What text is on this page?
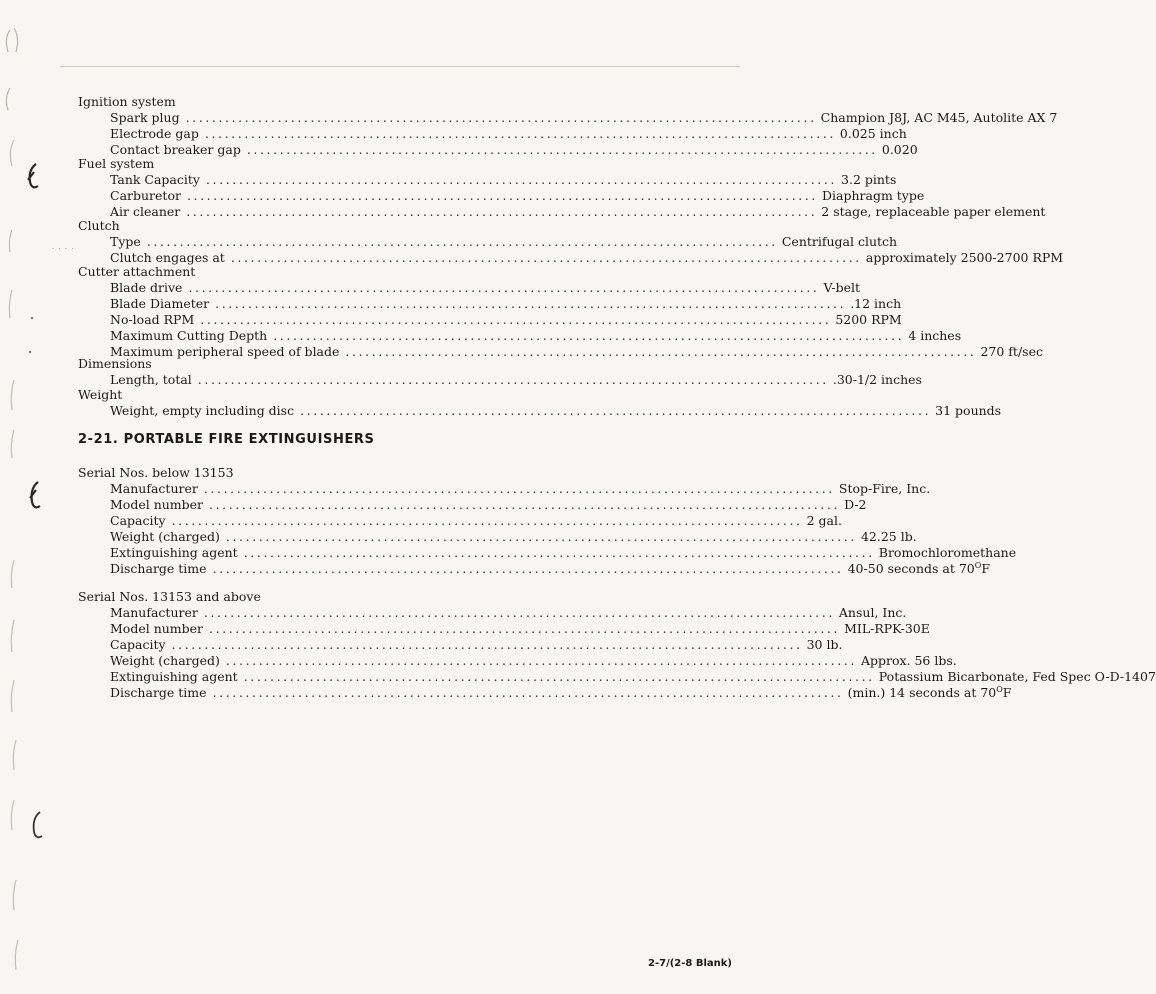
Ignition system
Spark plug ................................................................................................ Champion J8J, AC M45, Autolite AX 7
Electrode gap ................................................................................................ 0.025 inch
Contact breaker gap ................................................................................................ 0.020
Fuel system
Tank Capacity ................................................................................................ 3.2 pints
Carburetor ................................................................................................ Diaphragm type
Air cleaner ................................................................................................ 2 stage, replaceable paper element
Clutch
Type ................................................................................................ Centrifugal clutch
· · · ·
Clutch engages at ................................................................................................ approximately 2500-2700 RPM
Cutter attachment
Blade drive ................................................................................................ V-belt
Blade Diameter ................................................................................................ .12 inch
No-load RPM ................................................................................................ 5200 RPM
Maximum Cutting Depth ................................................................................................ 4 inches
Maximum peripheral speed of blade ................................................................................................ 270 ft/sec
Dimensions
Length, total ................................................................................................ .30-1/2 inches
Weight
Weight, empty including disc ................................................................................................ 31 pounds
2-21. PORTABLE FIRE EXTINGUISHERS
Serial Nos. below 13153
Manufacturer ................................................................................................ Stop-Fire, Inc.
Model number ................................................................................................ D-2
Capacity ................................................................................................ 2 gal.
Weight (charged) ................................................................................................ 42.25 lb.
Extinguishing agent ................................................................................................ Bromochloromethane
Discharge time ................................................................................................ 40-50 seconds at $70^OF$
Serial Nos. 13153 and above
Manufacturer ................................................................................................ Ansul, Inc.
Model number ................................................................................................ MIL-RPK-30E
Capacity ................................................................................................ 30 lb.
Weight (charged) ................................................................................................ Approx. 56 lbs.
Extinguishing agent ................................................................................................ Potassium Bicarbonate, Fed Spec O-D-1407
Discharge time ................................................................................................ (min.) 14 seconds at $70^OF$
2-7/(2-8 Blank)
